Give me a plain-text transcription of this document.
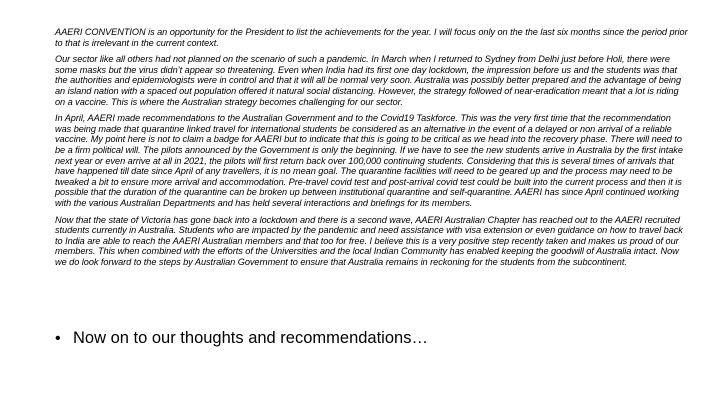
AAERI CONVENTION is an opportunity for the President to list the achievements for the year. I will focus only on the the last six months since the period prior to that is irrelevant in the current context.

Our sector like all others had not planned on the scenario of such a pandemic. In March when I returned to Sydney from Delhi just before Holi, there were some masks but the virus didn’t appear so threatening. Even when India had its first one day lockdown, the impression before us and the students was that the authorities and epidemiologists were in control and that it will all be normal very soon. Australia was possibly better prepared and the advantage of being an island nation with a spaced out population offered it natural social distancing. However, the strategy followed of near-eradication meant that a lot is riding on a vaccine. This is where the Australian strategy becomes challenging for our sector.

In April, AAERI made recommendations to the Australian Government and to the Covid19 Taskforce. This was the very first time that the recommendation was being made that quarantine linked travel for international students be considered as an alternative in the event of a delayed or non arrival of a reliable vaccine. My point here is not to claim a badge for AAERI but to indicate that this is going to be critical as we head into the recovery phase. There will need to be a firm political will. The pilots announced by the Government is only the beginning. If we have to see the new students arrive in Australia by the first intake next year or even arrive at all in 2021, the pilots will first return back over 100,000 continuing students. Considering that this is several times of arrivals that have happened till date since April of any travellers, it is no mean goal. The quarantine facilities will need to be geared up and the process may need to be tweaked a bit to ensure more arrival and accommodation. Pre-travel covid test and post-arrival covid test could be built into the current process and then it is possible that the duration of the quarantine can be broken up between institutional quarantine and self-quarantine. AAERI has since April continued working with the various Australian Departments and has held several interactions and briefings for its members.

Now that the state of Victoria has gone back into a lockdown and there is a second wave, AAERI Australian Chapter has reached out to the AAERI recruited students currently in Australia. Students who are impacted by the pandemic and need assistance with visa extension or even guidance on how to travel back to India are able to reach the AAERI Australian members and that too for free. I believe this is a very positive step recently taken and makes us proud of our members. This when combined with the efforts of the Universities and the local Indian Community has enabled keeping the goodwill of Australia intact. Now we do look forward to the steps by Australian Government to ensure that Australia remains in reckoning for the students from the subcontinent.

• Now on to our thoughts and recommendations…
